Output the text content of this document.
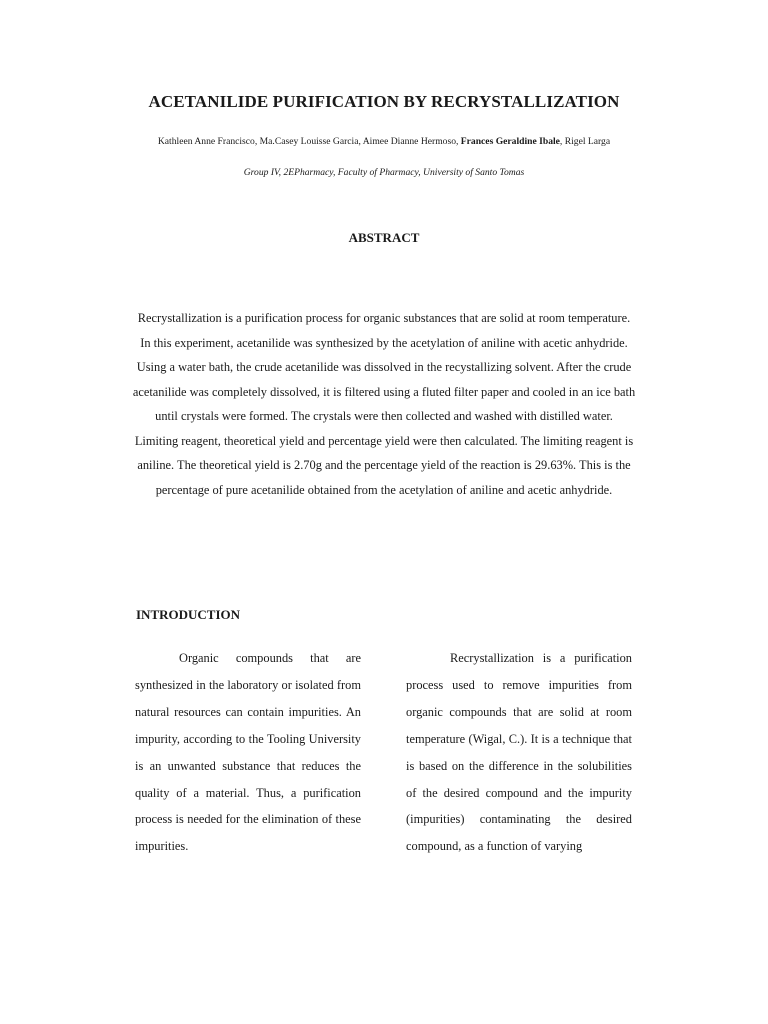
ACETANILIDE PURIFICATION BY RECRYSTALLIZATION
Kathleen Anne Francisco, Ma.Casey Louisse Garcia, Aimee Dianne Hermoso, Frances Geraldine Ibale, Rigel Larga
Group IV, 2EPharmacy, Faculty of Pharmacy, University of Santo Tomas
ABSTRACT

Recrystallization is a purification process for organic substances that are solid at room temperature. In this experiment, acetanilide was synthesized by the acetylation of aniline with acetic anhydride. Using a water bath, the crude acetanilide was dissolved in the recystallizing solvent. After the crude acetanilide was completely dissolved, it is filtered using a fluted filter paper and cooled in an ice bath until crystals were formed. The crystals were then collected and washed with distilled water. Limiting reagent, theoretical yield and percentage yield were then calculated. The limiting reagent is aniline. The theoretical yield is 2.70g and the percentage yield of the reaction is 29.63%. This is the percentage of pure acetanilide obtained from the acetylation of aniline and acetic anhydride.

INTRODUCTION

Organic compounds that are synthesized in the laboratory or isolated from natural resources can contain impurities. An impurity, according to the Tooling University is an unwanted substance that reduces the quality of a material. Thus, a purification process is needed for the elimination of these impurities.

Recrystallization is a purification process used to remove impurities from organic compounds that are solid at room temperature (Wigal, C.). It is a technique that is based on the difference in the solubilities of the desired compound and the impurity (impurities) contaminating the desired compound, as a function of varying
